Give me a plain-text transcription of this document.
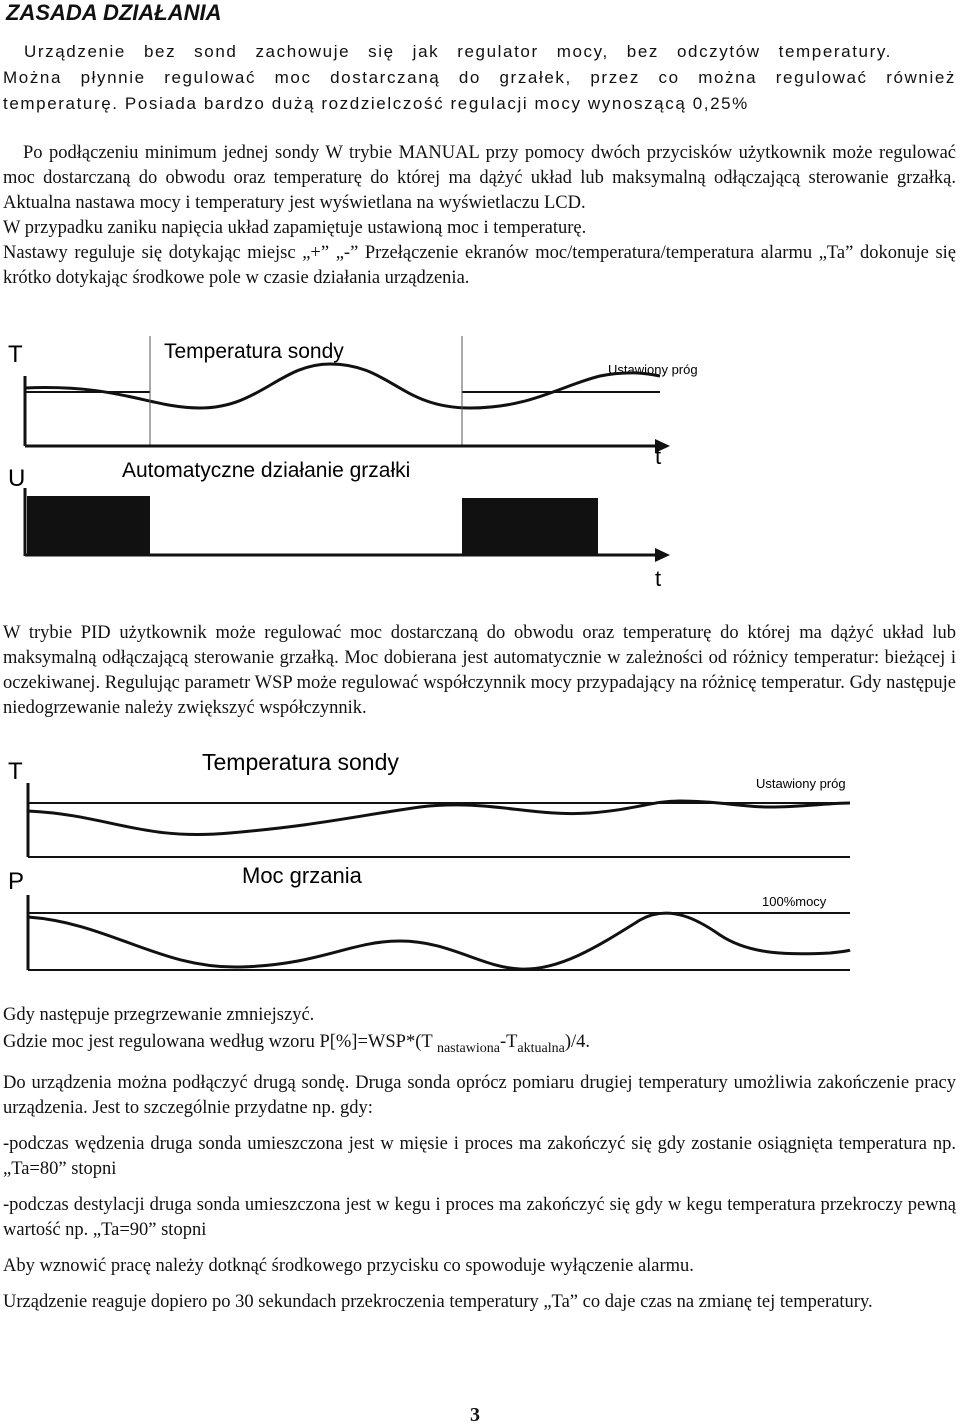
ZASADA DZIAŁANIA
Urządzenie bez sond zachowuje się jak regulator mocy, bez odczytów temperatury.
Można płynnie regulować moc dostarczaną do grzałek, przez co można regulować również
temperaturę. Posiada bardzo dużą rozdzielczość regulacji mocy wynoszącą 0,25%

Po podłączeniu minimum jednej sondy W trybie MANUAL przy pomocy dwóch przycisków użytkownik może regulować moc dostarczaną do obwodu oraz temperaturę do której ma dążyć układ lub maksymalną odłączającą sterowanie grzałką. Aktualna nastawa mocy i temperatury jest wyświetlana na wyświetlaczu LCD.

W przypadku zaniku napięcia układ zapamiętuje ustawioną moc i temperaturę.

Nastawy reguluje się dotykając miejsc „+” „-” Przełączenie ekranów moc/temperatura/temperatura alarmu „Ta” dokonuje się krótko dotykając środkowe pole w czasie działania urządzenia.

T	Temperatura sondy
Ustawiony próg
t
U	Automatyczne działanie grzałki
t

W trybie PID użytkownik może regulować moc dostarczaną do obwodu oraz temperaturę do której ma dążyć układ lub maksymalną odłączającą sterowanie grzałką. Moc dobierana jest automatycznie w zależności od różnicy temperatur: bieżącej i oczekiwanej. Regulując parametr WSP może regulować współczynnik mocy przypadający na różnicę temperatur. Gdy następuje niedogrzewanie należy zwiększyć współczynnik.

T	Temperatura sondy
Ustawiony próg
P	Moc grzania
100%mocy

Gdy następuje przegrzewanie zmniejszyć.

Gdzie moc jest regulowana według wzoru P[%]=WSP*(T $_{nastawiona}-T_{aktualna})/4$.

Do urządzenia można podłączyć drugą sondę. Druga sonda oprócz pomiaru drugiej temperatury umożliwia zakończenie pracy urządzenia. Jest to szczególnie przydatne np. gdy:

-podczas wędzenia druga sonda umieszczona jest w mięsie i proces ma zakończyć się gdy zostanie osiągnięta temperatura np. „Ta=80” stopni

-podczas destylacji druga sonda umieszczona jest w kegu i proces ma zakończyć się gdy w kegu temperatura przekroczy pewną wartość np. „Ta=90” stopni

Aby wznowić pracę należy dotknąć środkowego przycisku co spowoduje wyłączenie alarmu.

Urządzenie reaguje dopiero po 30 sekundach przekroczenia temperatury „Ta” co daje czas na zmianę tej temperatury.

3
